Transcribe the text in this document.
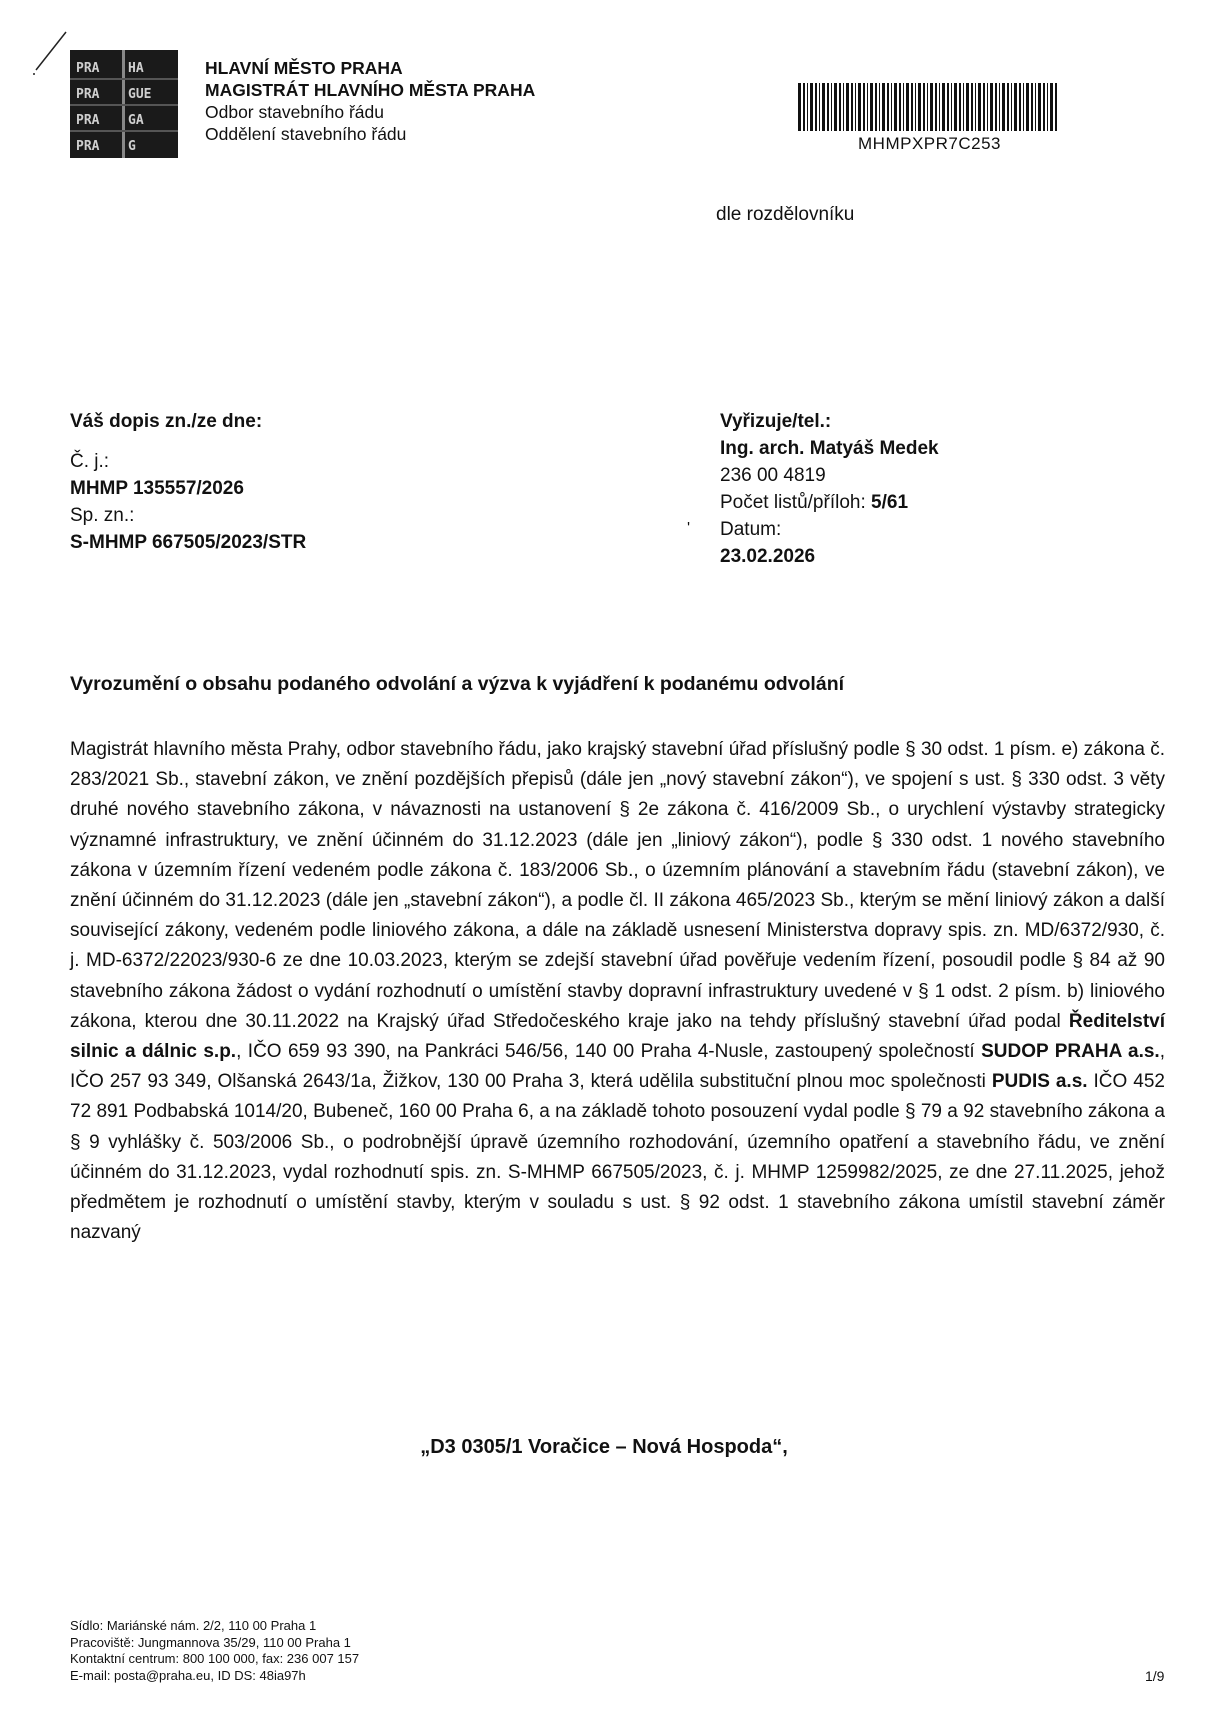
PRA HA
PRA GUE
PRA GA
PRA G
HLAVNÍ MĚSTO PRAHA
MAGISTRÁT HLAVNÍHO MĚSTA PRAHA
Odbor stavebního řádu
Oddělení stavebního řádu	MHMPXPR7C253
dle rozdělovníku
Váš dopis zn./ze dne:
Č. j.:
MHMP 135557/2026
Sp. zn.:
S-MHMP 667505/2023/STR
'
Vyřizuje/tel.:
Ing. arch. Matyáš Medek
236 00 4819
Počet listů/příloh: 5/61
Datum:
23.02.2026
Vyrozumění o obsahu podaného odvolání a výzva k vyjádření k podanému odvolání

Magistrát hlavního města Prahy, odbor stavebního řádu, jako krajský stavební úřad příslušný podle § 30 odst. 1 písm. e) zákona č. 283/2021 Sb., stavební zákon, ve znění pozdějších přepisů (dále jen „nový stavební zákon“), ve spojení s ust. § 330 odst. 3 věty druhé nového stavebního zákona, v návaznosti na ustanovení § 2e zákona č. 416/2009 Sb., o urychlení výstavby strategicky významné infrastruktury, ve znění účinném do 31.12.2023 (dále jen „liniový zákon“), podle § 330 odst. 1 nového stavebního zákona v územním řízení vedeném podle zákona č. 183/2006 Sb., o územním plánování a stavebním řádu (stavební zákon), ve znění účinném do 31.12.2023 (dále jen „stavební zákon“), a podle čl. II zákona 465/2023 Sb., kterým se mění liniový zákon a další související zákony, vedeném podle liniového zákona, a dále na základě usnesení Ministerstva dopravy spis. zn. MD/6372/930, č. j. MD-6372/22023/930-6 ze dne 10.03.2023, kterým se zdejší stavební úřad pověřuje vedením řízení, posoudil podle § 84 až 90 stavebního zákona žádost o vydání rozhodnutí o umístění stavby dopravní infrastruktury uvedené v § 1 odst. 2 písm. b) liniového zákona, kterou dne 30.11.2022 na Krajský úřad Středočeského kraje jako na tehdy příslušný stavební úřad podal Ředitelství silnic a dálnic s.p., IČO 659 93 390, na Pankráci 546/56, 140 00 Praha 4-Nusle, zastoupený společností SUDOP PRAHA a.s., IČO 257 93 349, Olšanská 2643/1a, Žižkov, 130 00 Praha 3, která udělila substituční plnou moc společnosti PUDIS a.s. IČO 452 72 891 Podbabská 1014/20, Bubeneč, 160 00 Praha 6, a na základě tohoto posouzení vydal podle § 79 a 92 stavebního zákona a § 9 vyhlášky č. 503/2006 Sb., o podrobnější úpravě územního rozhodování, územního opatření a stavebního řádu, ve znění účinném do 31.12.2023, vydal rozhodnutí spis. zn. S-MHMP 667505/2023, č. j. MHMP 1259982/2025, ze dne 27.11.2025, jehož předmětem je rozhodnutí o umístění stavby, kterým v souladu s ust. § 92 odst. 1 stavebního zákona umístil stavební záměr nazvaný

„D3 0305/1 Voračice – Nová Hospoda“,
Sídlo: Mariánské nám. 2/2, 110 00 Praha 1
Pracoviště: Jungmannova 35/29, 110 00 Praha 1
Kontaktní centrum: 800 100 000, fax: 236 007 157
E-mail: posta@praha.eu, ID DS: 48ia97h	1/9
